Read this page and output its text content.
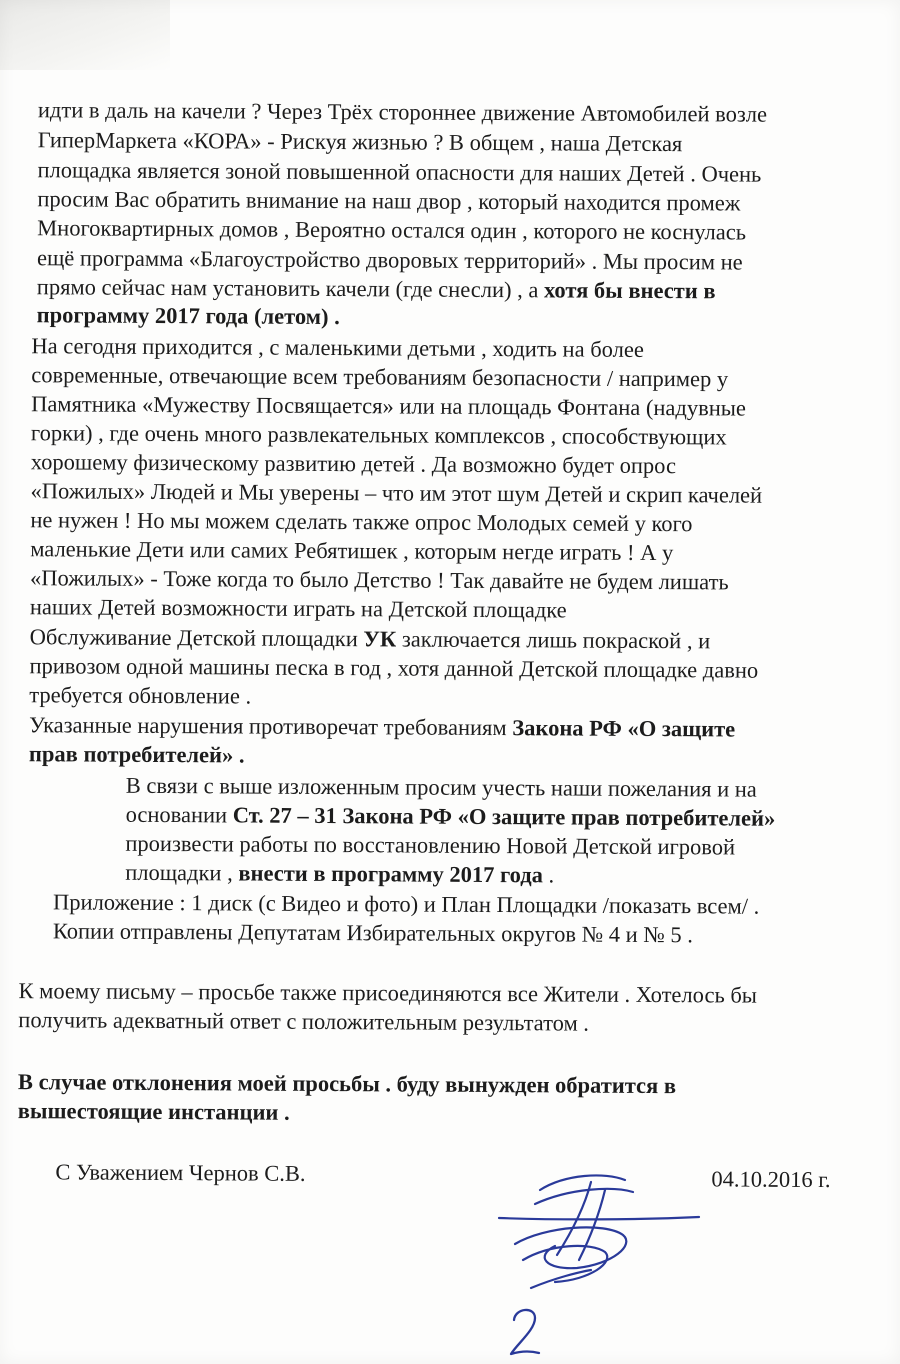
идти в даль на качели ? Через Трёх стороннее движение Автомобилей возле
ГиперМаркета «КОРА» - Рискуя жизнью ? В общем , наша Детская
площадка является зоной повышенной опасности для наших Детей . Очень
просим Вас обратить внимание на наш двор , который находится промеж
Многоквартирных домов , Вероятно остался один , которого не коснулась
ещё программа «Благоустройство дворовых территорий» . Мы просим не
прямо сейчас нам установить качели (где снесли) , а хотя бы внести в
программу 2017 года (летом) .
На сегодня приходится , с маленькими детьми , ходить на более
современные, отвечающие всем требованиям безопасности / например у
Памятника «Мужеству Посвящается» или на площадь Фонтана (надувные
горки) , где очень много развлекательных комплексов , способствующих
хорошему физическому развитию детей . Да возможно будет опрос
«Пожилых» Людей и Мы уверены – что им этот шум Детей и скрип качелей
не нужен ! Но мы можем сделать также опрос Молодых семей у кого
маленькие Дети или самих Ребятишек , которым негде играть ! А у
«Пожилых» - Тоже когда то было Детство ! Так давайте не будем лишать
наших Детей возможности играть на Детской площадке
Обслуживание Детской площадки УК заключается лишь покраской , и
привозом одной машины песка в год , хотя данной Детской площадке давно
требуется обновление .
Указанные нарушения противоречат требованиям Закона РФ «О защите
прав потребителей» .
В связи с выше изложенным просим учесть наши пожелания и на
основании Ст. 27 – 31 Закона РФ «О защите прав потребителей»
произвести работы по восстановлению Новой Детской игровой
площадки , внести в программу 2017 года .
Приложение : 1 диск (с Видео и фото) и План Площадки /показать всем/ .
Копии отправлены Депутатам Избирательных округов № 4 и № 5 .
К моему письму – просьбе также присоединяются все Жители . Хотелось бы
получить адекватный ответ с положительным результатом .
В случае отклонения моей просьбы . буду вынужден обратится в
вышестоящие инстанции .
С Уважением Чернов С.В.	04.10.2016 г.
